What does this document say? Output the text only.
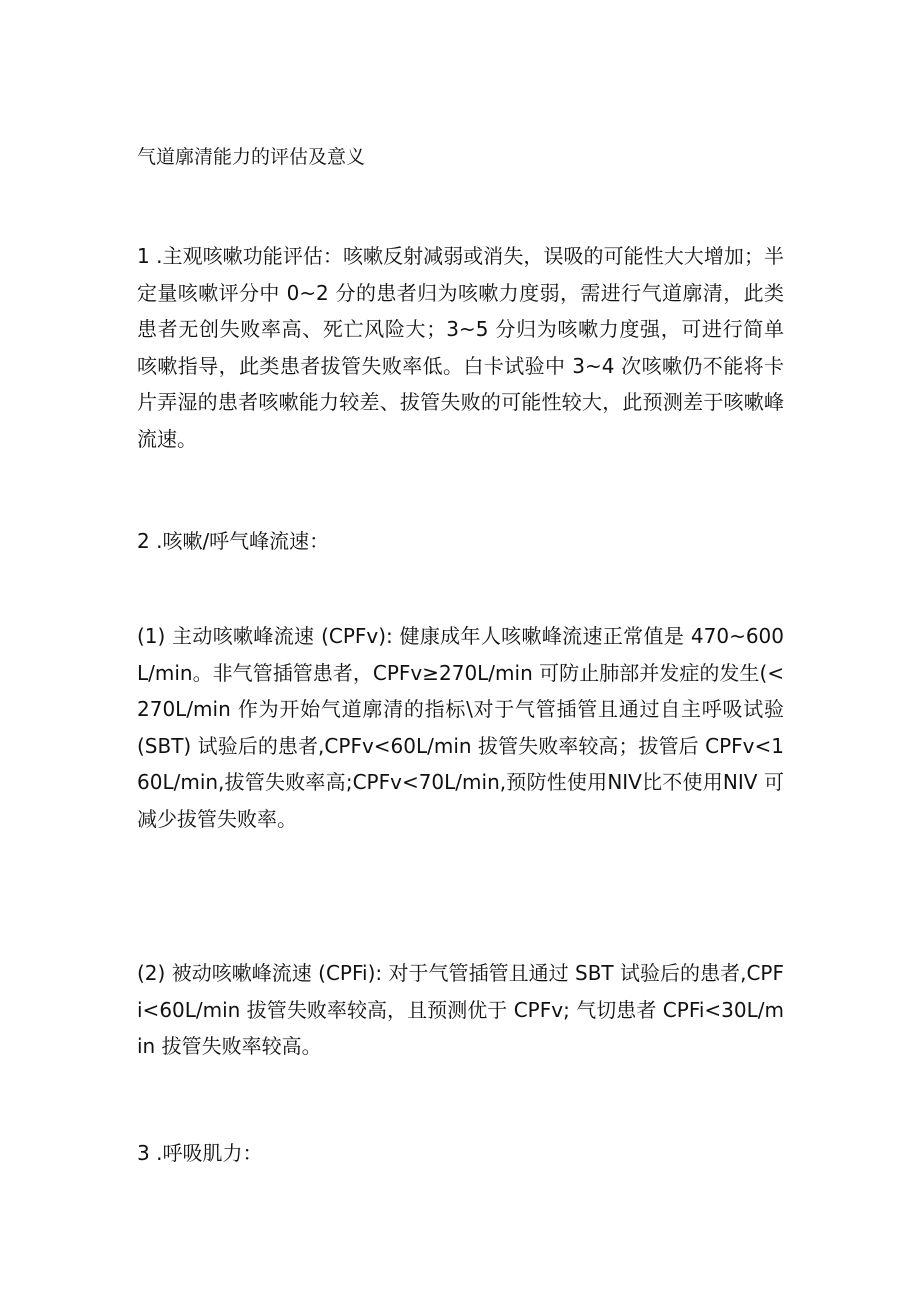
气道廓清能力的评估及意义
1 .主观咳嗽功能评估：咳嗽反射减弱或消失，误吸的可能性大大增加；半定量咳嗽评分中 0~2 分的患者归为咳嗽力度弱，需进行气道廓清，此类患者无创失败率高、死亡风险大；3~5 分归为咳嗽力度强，可进行简单咳嗽指导，此类患者拔管失败率低。白卡试验中 3~4 次咳嗽仍不能将卡片弄湿的患者咳嗽能力较差、拔管失败的可能性较大，此预测差于咳嗽峰流速。
2 .咳嗽/呼气峰流速：
(1) 主动咳嗽峰流速 (CPFv): 健康成年人咳嗽峰流速正常值是 470~600L/min。非气管插管患者，CPFv≥270L/min 可防止肺部并发症的发生(<270L/min 作为开始气道廓清的指标\对于气管插管且通过自主呼吸试验 (SBT) 试验后的患者,CPFv<60L/min 拔管失败率较高；拔管后 CPFv<160L/min,拔管失败率高;CPFv<70L/min,预防性使用NIV比不使用NIV 可减少拔管失败率。
(2) 被动咳嗽峰流速 (CPFi): 对于气管插管且通过 SBT 试验后的患者,CPFi<60L/min 拔管失败率较高，且预测优于 CPFv; 气切患者 CPFi<30L/min 拔管失败率较高。
3 .呼吸肌力：
